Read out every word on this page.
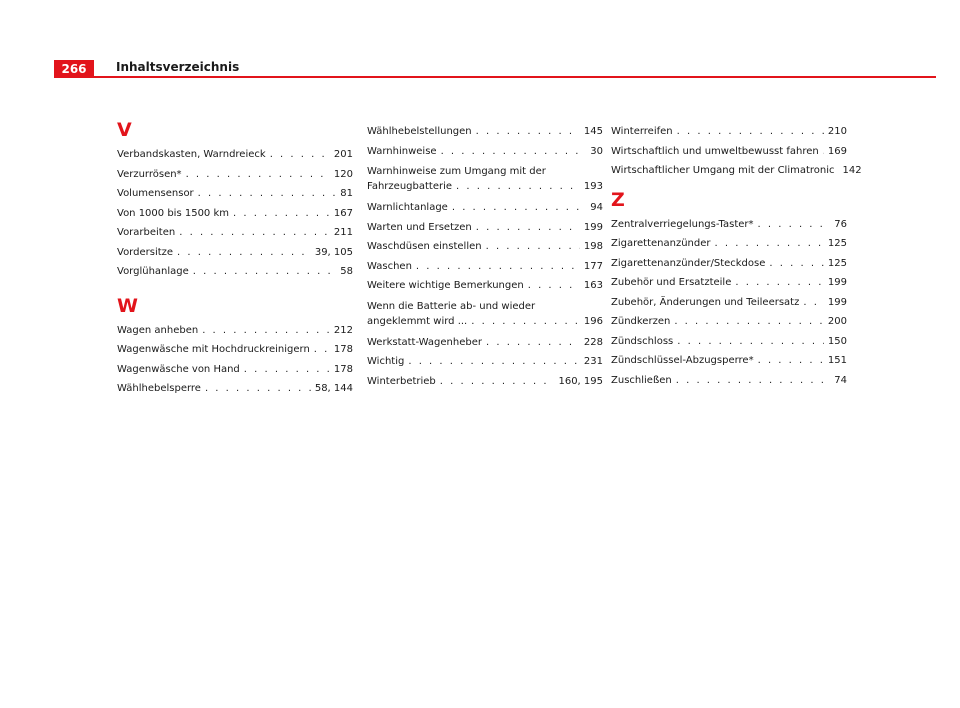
266	Inhaltsverzeichnis
V
Verbandskasten, Warndreieck . . .	201
Verzurrösen* . . .	120
Volumensensor . . .	81
Von 1000 bis 1500 km . . .	167
Vorarbeiten . . .	211
Vordersitze . . .	39, 105
Vorglühanlage . . .	58
W
Wagen anheben . . .	212
Wagenwäsche mit Hochdruckreinigern . . . 178
Wagenwäsche von Hand . . .	178
Wählhebelsperre . . .	58, 144
Wählhebelstellungen . . .	145
Warnhinweise . . .	30
Warnhinweise zum Umgang mit der
Fahrzeugbatterie . . .	193
Warnlichtanlage . . .	94
Warten und Ersetzen . . .	199
Waschdüsen einstellen . . .	198
Waschen . . .	177
Weitere wichtige Bemerkungen . . .	163
Wenn die Batterie ab- und wieder
angeklemmt wird ... . . .	196
Werkstatt-Wagenheber . . .	228
Wichtig . . .	231
Winterbetrieb . . .	160, 195
Winterreifen . . .	210
Wirtschaftlich und umweltbewusst fahren . . . 169
Wirtschaftlicher Umgang mit der Climatronic 142
Z
Zentralverriegelungs-Taster* . . .	76
Zigarettenanzünder . . .	125
Zigarettenanzünder/Steckdose . . .	125
Zubehör und Ersatzteile . . .	199
Zubehör, Änderungen und Teileersatz . . .	199
Zündkerzen . . .	200
Zündschloss . . .	150
Zündschlüssel-Abzugsperre* . . .	151
Zuschließen . . .	74
